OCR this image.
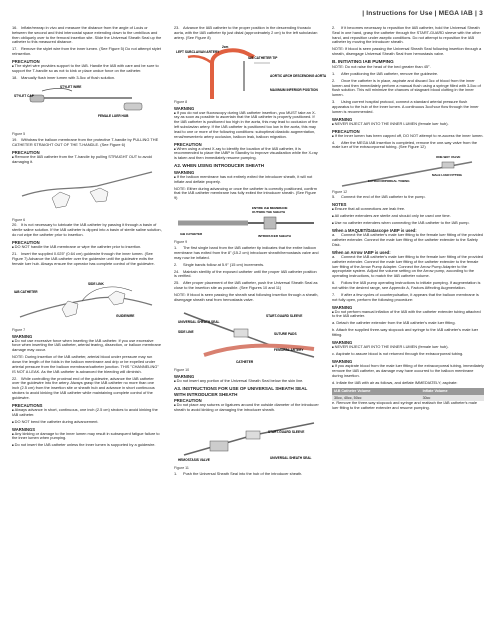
| Instructions for Use | MEGA IAB | 3
16. Inflate/rewrap in vivo and measure the distance from the angle of Louis or between the second and third intercostal space extending down to the umbilicus and then obliquely over to the femoral insertion site. Slide the Universal Sheath Seal up the catheter to this measured distance.
17. Remove the stylet wire from the inner lumen. (See Figure 5) Do not attempt stylet reinsertion.
PRECAUTION
■ The stylet wire provides support to the IAB. Handle the IAB with care and be sure to support the T-handle so as not to kink or place undue force on the catheter.
18. Manually flush inner lumen with 3-5cc of flush solution.
STYLET WIRE
STYLET CAP
FEMALE LUER HUB
Figure 5
19. Withdraw the balloon membrane from the protective T-handle by PULLING THE CATHETER STRAIGHT OUT OF THE T-HANDLE. (See Figure 6)
PRECAUTION
■ Remove the IAB catheter from the T-handle by pulling STRAIGHT OUT to avoid damaging it.
Figure 6
20. It is not necessary to lubricate the IAB catheter by passing it through a basin of sterile saline solution. If the IAB catheter is dipped into a basin of sterile saline solution, do not wipe the catheter prior to insertion.
PRECAUTION
■ DO NOT handle the IAB membrane or wipe the catheter prior to insertion.
21. Insert the supplied 0.025" (0.64 cm) guidewire through the inner lumen. (See Figure 7) Advance the IAB catheter over the guidewire until the guidewire exits the female luer hub. Always ensure the operator has complete control of the guidewire.
IAB CATHETER
SIDE LINK
GUIDEWIRE
Figure 7
WARNING
■ Do not use excessive force when inserting the IAB catheter. If you use excessive force when inserting the IAB catheter, arterial tearing, dissection, or balloon membrane damage may occur.
NOTE: During insertion of the IAB catheter, arterial blood under pressure may run down the length of the folds in the balloon membrane and drip or be expelled under arterial pressure from the balloon membrane/catheter junction. THIS "CHANNELING" IS NOT A LEAK. As the IAB catheter is advanced the bleeding will diminish.
22. While controlling the proximal end of the guidewire, advance the IAB catheter over the guidewire into the artery. Always grasp the IAB catheter no more than one inch (2.5 cm) from the insertion site or sheath hub and advance in short continuous strokes to avoid kinking the IAB catheter while maintaining complete control of the guidewire.
PRECAUTIONS
■ Always advance in short, continuous, one inch (2.5 cm) strokes to avoid kinking the IAB catheter.
■ DO NOT bend the catheter during advancement.
WARNINGS
■ Any kinking or damage to the inner lumen may result in subsequent fatigue failure to the inner lumen when pumping.
■ Do not insert the IAB catheter unless the inner lumen is supported by a guidewire.
23. Advance the IAB catheter to the proper position in the descending thoracic aorta, with the IAB catheter tip just distal (approximately 2 cm) to the left subclavian artery. (See Figure 8)
LEFT SUBCLAVIAN ARTERY
2cm
IAB CATHETER TIP
AORTIC ARCH DESCENDING AORTA
MAXIMUM INFERIOR POSITION
Figure 8
WARNING
■ If you do not use fluoroscopy during IAB catheter insertion, you MUST take an X-ray as soon as possible to ascertain that the IAB catheter is properly positioned. If the IAB catheter is positioned too high in the aorta, this may lead to occlusion of the left subclavian artery. If the IAB catheter is positioned too low in the aorta, this may lead to one or more of the following conditions: suboptimal diastolic augmentation, renal/mesenteric artery occlusion, balloon leak, balloon migration.
PRECAUTION
■ When using a chest X-ray to identify the location of the IAB catheter, it is recommended to place the IABP in Standby to improve visualization while the X-ray is taken and then immediately resume pumping.
A2. WHEN USING INTRODUCER SHEATH
WARNING
■ If the balloon membrane has not entirely exited the introducer sheath, it will not inflate and deflate properly.
NOTE: Either during advancing or once the catheter is correctly positioned, confirm that the IAB catheter membrane has fully exited the introducer sheath. (See Figure 9)
ENTIRE IAB MEMBRANE
OUTSIDE THE SHEATH
IAB CATHETER	INTRODUCER SHEATH
Figure 9
1. The first single band from the IAB catheter tip indicates that the entire balloon membrane has exited from the 8" (15.2 cm) introducer sheath/hemostasis valve and may now be inflated.
2. Single bands follow at 5.9" (15 cm) increments.
24. Maintain sterility of the exposed catheter until the proper IAB catheter position is verified.
25. After proper placement of the IAB catheter, push the Universal Sheath Seal as close to the insertion site as possible. (See Figures 10 and 11)
NOTE: If blood is seen passing the sheath seal following insertion through a sheath, disengage sheath seal from hemostasis valve.
UNIVERSAL SHEATH SEAL
START-GUARD SLEEVE
SIDE LINE	SUTURE PADS
FEMORAL ARTERY
CATHETER
Figure 10
WARNING
■ Do not insert any portion of the Universal Sheath Seal below the skin line.
A3. INSTRUCTIONS FOR USE OF UNIVERSAL SHEATH SEAL WITH INTRODUCER SHEATH
PRECAUTION
■ Do not place any sutures or ligatures around the outside diameter of the introducer sheath to avoid kinking or damaging the introducer sheath.
START-GUARD SLEEVE
HEMOSTASIS VALVE	UNIVERSAL SHEATH SEAL
Figure 11
1. Push the Universal Sheath Seal into the hub of the introducer sheath.
2. If it becomes necessary to reposition the IAB catheter, hold the Universal Sheath Seal in one hand, grasp the catheter through the START-GUARD sleeve with the other hand, and reposition under aseptic conditions. Do not attempt to reposition the IAB catheter by moving the introducer sheath.
NOTE: If blood is seen passing the Universal Sheath Seal following insertion through a sheath, disengage Universal Sheath Seal from hemostasis valve.
B. INITIATING IAB PUMPING
NOTE: Do not raise the head of the bed greater than 45°.
1. After positioning the IAB catheter, remove the guidewire.
2. Once the catheter is in place, aspirate and discard 3cc of blood from the inner lumen and then immediately perform a manual flush using a syringe filled with 3-5cc of flush solution. This will minimize the chances of stagnant blood clotting in the inner lumen.
3. Using current hospital protocol, connect a standard arterial pressure flush apparatus to the hub of the inner lumen. A continuous 3cc/hour flow through the inner lumen is recommended.
WARNING
■ NEVER INJECT AIR INTO THE INNER LUMEN (female luer hub).
PRECAUTION
■ If the inner lumen has been capped off, DO NOT attempt to re-access the inner lumen.
4. After the MEGA IAB insertion is completed, remove the one-way valve from the male luer of the extracorporeal tubing. (See Figure 12)
ONE-WAY VALVE
MALE LUER FITTING
EXTRACORPOREAL TUBING
Figure 12
5. Connect the end of the IAB catheter to the pump.
NOTES
■ Ensure that all connections are leak free.
■ All catheter extenders are sterile and should only be used one time.
■ Use no catheter extenders when connecting the IAB catheter to the IAB pump.
When a MAQUET/Datascope IABP is used:
a. Connect the IAB catheter's male luer fitting to the female luer fitting of the provided catheter extender. Connect the male luer fitting of the catheter extender to the Safety Disk.
When an Arrow IABP is used:
a. Connect the IAB catheter's male luer fitting to the female luer fitting of the provided catheter extender. Connect the male luer fitting of the catheter extender to the female luer fitting of the Arrow Pump Adapter. Connect the Arrow Pump Adapter to the appropriate system. Adjust the volume setting on the Arrow pump, according to the operating instructions, to match the IAB catheter volume.
6. Follow the IAB pump operating instructions to initiate pumping. If augmentation is not within the desired range, see Appendix A, Factors Affecting Augmentation.
7. If after a few cycles of counterpulsation, it appears that the balloon membrane is not fully open, perform the following procedure:
WARNING
■ Do not perform manual inflation of the IAB with the catheter extender tubing attached to the IAB catheter.
a. Detach the catheter extender from the IAB catheter's male luer fitting.
b. Attach the supplied three-way stopcock and syringe to the IAB catheter's male luer fitting.
WARNING
■ NEVER INJECT AIR INTO THE INNER LUMEN (female luer hub).
c. Aspirate to assure blood is not returned through the extracorporeal tubing.
WARNING
■ If you aspirate blood from the male luer fitting of the extracorporeal tubing, immediately remove the IAB catheter, as damage may have occurred to the balloon membrane during insertion.
d. Inflate the IAB with air as follows, and deflate IMMEDIATELY; aspirate:
IAB Catheter Volume	Inflate Volume
30cc, 40cc, 50cc	30cc
e. Remove the three-way stopcock and syringe and reattach the IAB catheter's male luer fitting to the catheter extender and resume pumping.
